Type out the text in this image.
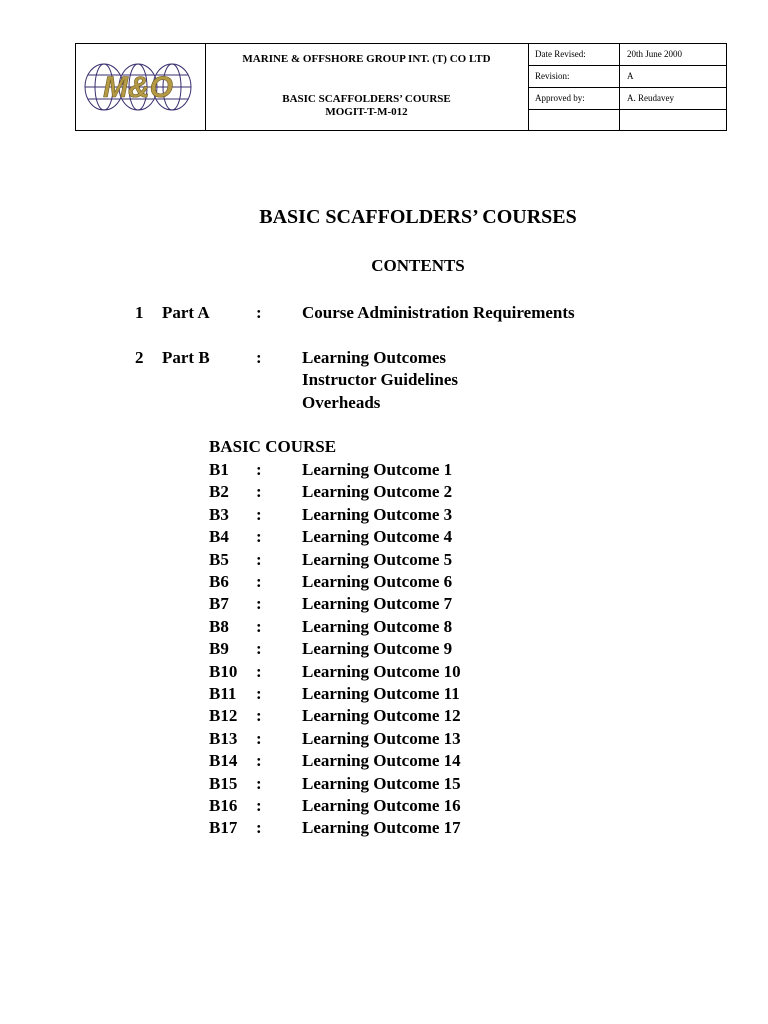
M&O
MARINE & OFFSHORE GROUP INT. (T) CO LTD
BASIC SCAFFOLDERS’ COURSE
MOGIT-T-M-012
Date Revised:	20th June 2000
Revision:	A
Approved by:	A. Reudavey
BASIC SCAFFOLDERS’ COURSES
CONTENTS
1 Part A	: Course Administration Requirements
2 Part B	: Learning Outcomes
Instructor Guidelines
Overheads
BASIC COURSE
B1 : Learning Outcome 1
B2 : Learning Outcome 2
B3 : Learning Outcome 3
B4 : Learning Outcome 4
B5 : Learning Outcome 5
B6 : Learning Outcome 6
B7 : Learning Outcome 7
B8 : Learning Outcome 8
B9 : Learning Outcome 9
B10 : Learning Outcome 10
B11 : Learning Outcome 11
B12 : Learning Outcome 12
B13 : Learning Outcome 13
B14 : Learning Outcome 14
B15 : Learning Outcome 15
B16 : Learning Outcome 16
B17 : Learning Outcome 17
